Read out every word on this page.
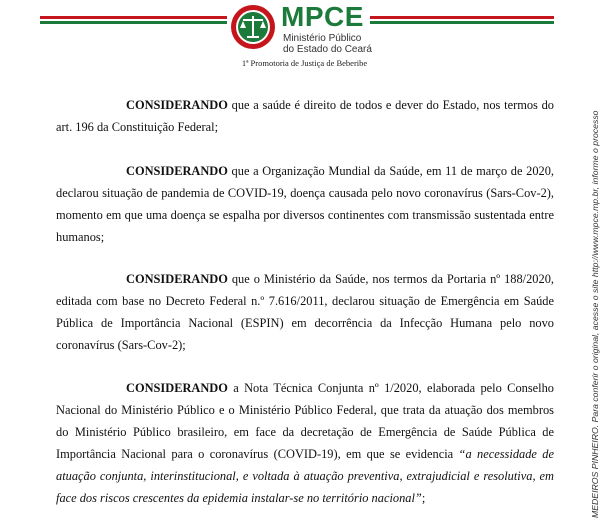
MPCE
Ministério Público
do Estado do Ceará
1ª Promotoria de Justiça de Beberibe
CONSIDERANDO que a saúde é direito de todos e dever do Estado, nos termos do art. 196 da Constituição Federal;
CONSIDERANDO que a Organização Mundial da Saúde, em 11 de março de 2020, declarou situação de pandemia de COVID-19, doença causada pelo novo coronavírus (Sars-Cov-2), momento em que uma doença se espalha por diversos continentes com transmissão sustentada entre humanos;
CONSIDERANDO que o Ministério da Saúde, nos termos da Portaria nº 188/2020, editada com base no Decreto Federal n.º 7.616/2011, declarou situação de Emergência em Saúde Pública de Importância Nacional (ESPIN) em decorrência da Infecção Humana pelo novo coronavírus (Sars-Cov-2);
CONSIDERANDO a Nota Técnica Conjunta nº 1/2020, elaborada pelo Conselho Nacional do Ministério Público e o Ministério Público Federal, que trata da atuação dos membros do Ministério Público brasileiro, em face da decretação de Emergência de Saúde Pública de Importância Nacional para o coronavírus (COVID-19), em que se evidencia “a necessidade de atuação conjunta, interinstitucional, e voltada à atuação preventiva, extrajudicial e resolutiva, em face dos riscos crescentes da epidemia instalar-se no território nacional”;	MEDEIROS PINHEIRO. Para conferir o original, acesse o site http://www.mpce.mp.br, informe o processo
